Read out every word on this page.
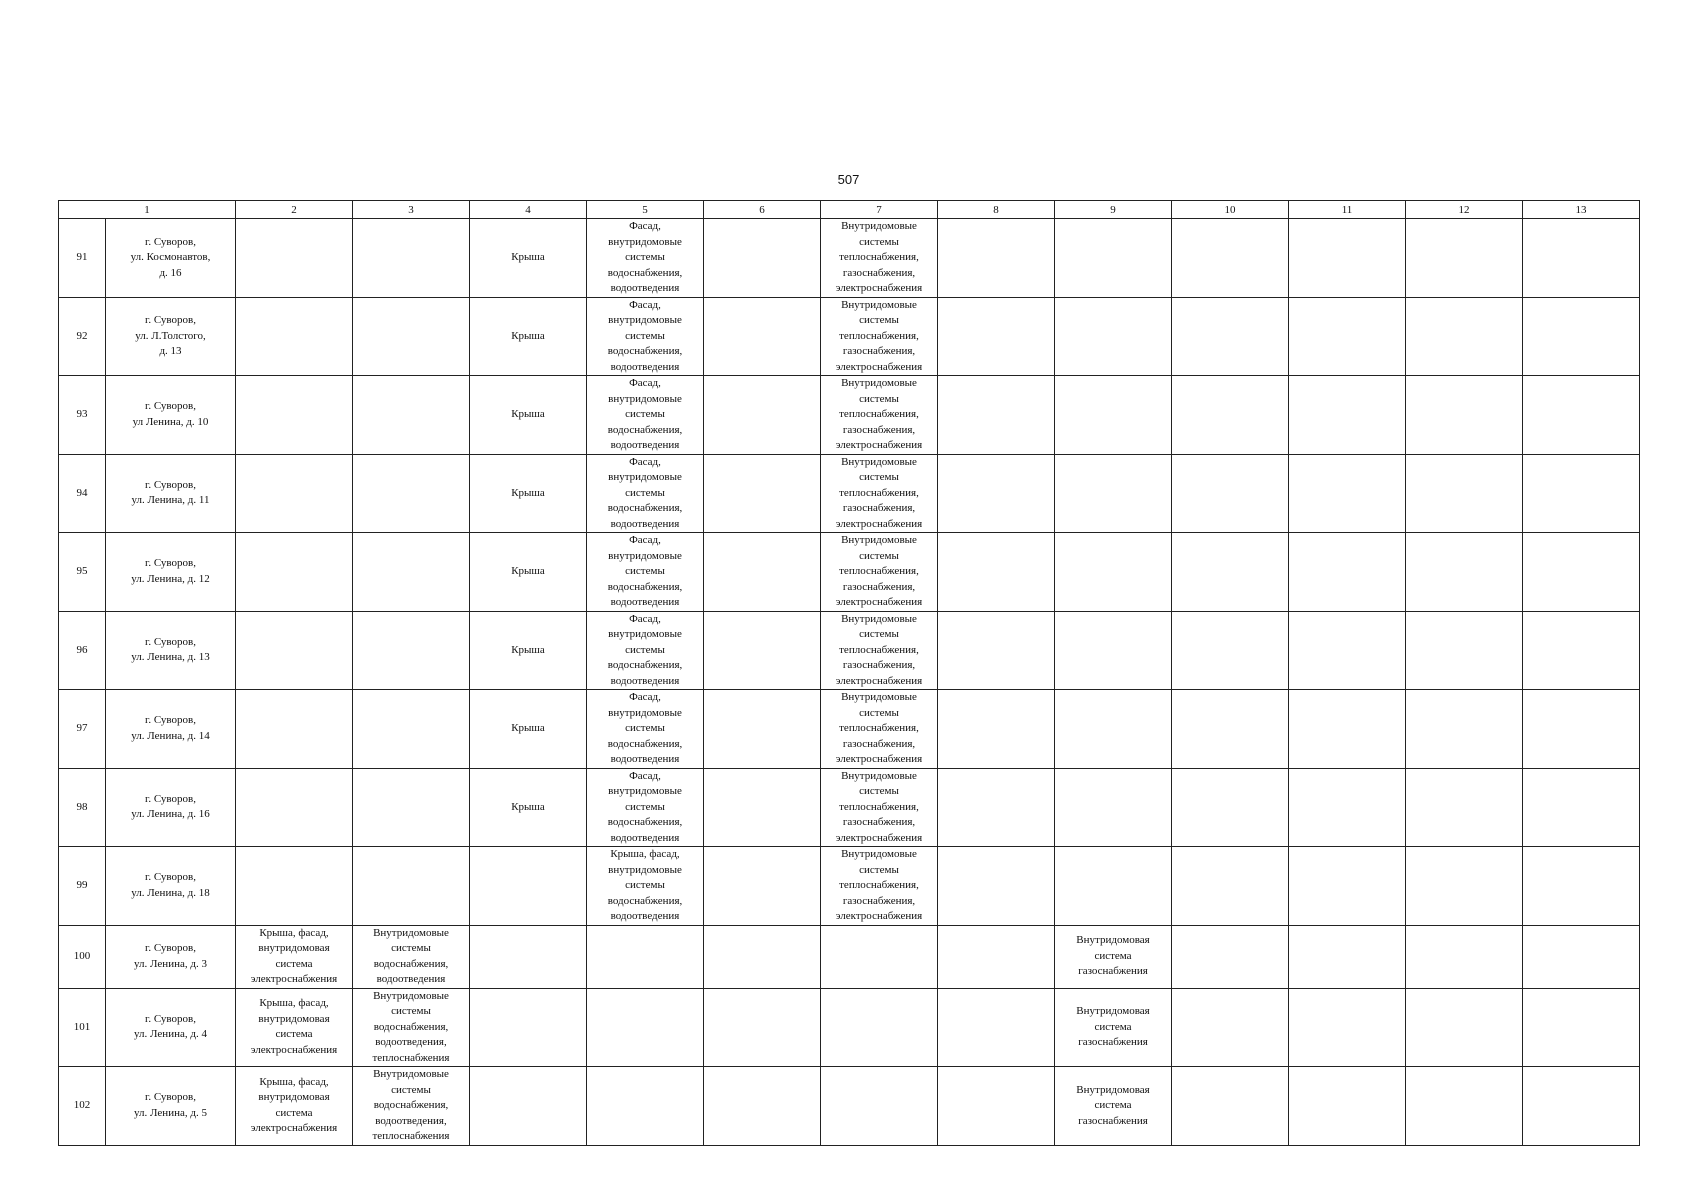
507
1		2	3	4	5	6	7	8	9	10	11	12	13
91	г. Суворов,
ул. Космонавтов,
д. 16			Крыша	Фасад,
внутридомовые
системы
водоснабжения,
водоотведения		Внутридомовые
системы
теплоснабжения,
газоснабжения,
электроснабжения						
92	г. Суворов,
ул. Л.Толстого,
д. 13			Крыша	Фасад,
внутридомовые
системы
водоснабжения,
водоотведения		Внутридомовые
системы
теплоснабжения,
газоснабжения,
электроснабжения						
93	г. Суворов,
ул Ленина, д. 10			Крыша	Фасад,
внутридомовые
системы
водоснабжения,
водоотведения		Внутридомовые
системы
теплоснабжения,
газоснабжения,
электроснабжения						
94	г. Суворов,
ул. Ленина, д. 11			Крыша	Фасад,
внутридомовые
системы
водоснабжения,
водоотведения		Внутридомовые
системы
теплоснабжения,
газоснабжения,
электроснабжения						
95	г. Суворов,
ул. Ленина, д. 12			Крыша	Фасад,
внутридомовые
системы
водоснабжения,
водоотведения		Внутридомовые
системы
теплоснабжения,
газоснабжения,
электроснабжения						
96	г. Суворов,
ул. Ленина, д. 13			Крыша	Фасад,
внутридомовые
системы
водоснабжения,
водоотведения		Внутридомовые
системы
теплоснабжения,
газоснабжения,
электроснабжения						
97	г. Суворов,
ул. Ленина, д. 14			Крыша	Фасад,
внутридомовые
системы
водоснабжения,
водоотведения		Внутридомовые
системы
теплоснабжения,
газоснабжения,
электроснабжения						
98	г. Суворов,
ул. Ленина, д. 16			Крыша	Фасад,
внутридомовые
системы
водоснабжения,
водоотведения		Внутридомовые
системы
теплоснабжения,
газоснабжения,
электроснабжения						
99	г. Суворов,
ул. Ленина, д. 18				Крыша, фасад,
внутридомовые
системы
водоснабжения,
водоотведения		Внутридомовые
системы
теплоснабжения,
газоснабжения,
электроснабжения						
100	г. Суворов,
ул. Ленина, д. 3	Крыша, фасад,
внутридомовая
система
электроснабжения	Внутридомовые
системы
водоснабжения,
водоотведения						Внутридомовая
система
газоснабжения				
101	г. Суворов,
ул. Ленина, д. 4	Крыша, фасад,
внутридомовая
система
электроснабжения	Внутридомовые
системы
водоснабжения,
водоотведения,
теплоснабжения						Внутридомовая
система
газоснабжения				
102	г. Суворов,
ул. Ленина, д. 5	Крыша, фасад,
внутридомовая
система
электроснабжения	Внутридомовые
системы
водоснабжения,
водоотведения,
теплоснабжения						Внутридомовая
система
газоснабжения				
